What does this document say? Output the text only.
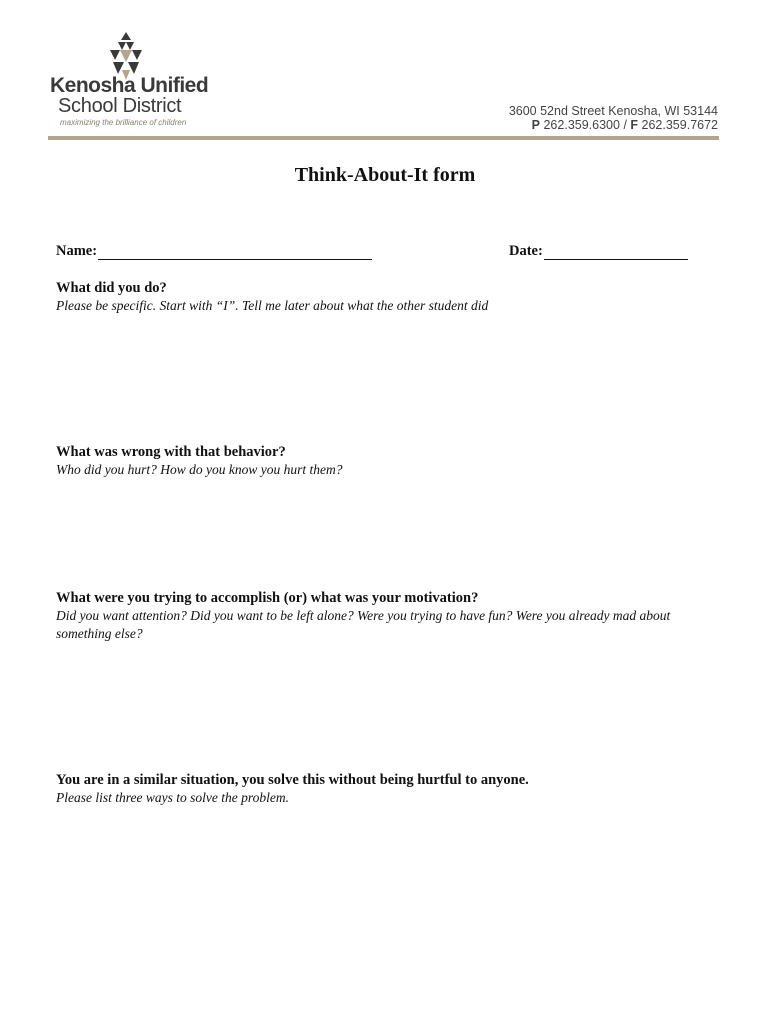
Kenosha Unified
School District
maximizing the brilliance of children
3600 52nd Street Kenosha, WI 53144
P 262.359.6300 / F 262.359.7672
Think-About-It form
Name:	Date:
What did you do?
Please be specific. Start with “I”. Tell me later about what the other student did
What was wrong with that behavior?
Who did you hurt? How do you know you hurt them?
What were you trying to accomplish (or) what was your motivation?
Did you want attention? Did you want to be left alone? Were you trying to have fun? Were you already mad about something else?
You are in a similar situation, you solve this without being hurtful to anyone.
Please list three ways to solve the problem.
